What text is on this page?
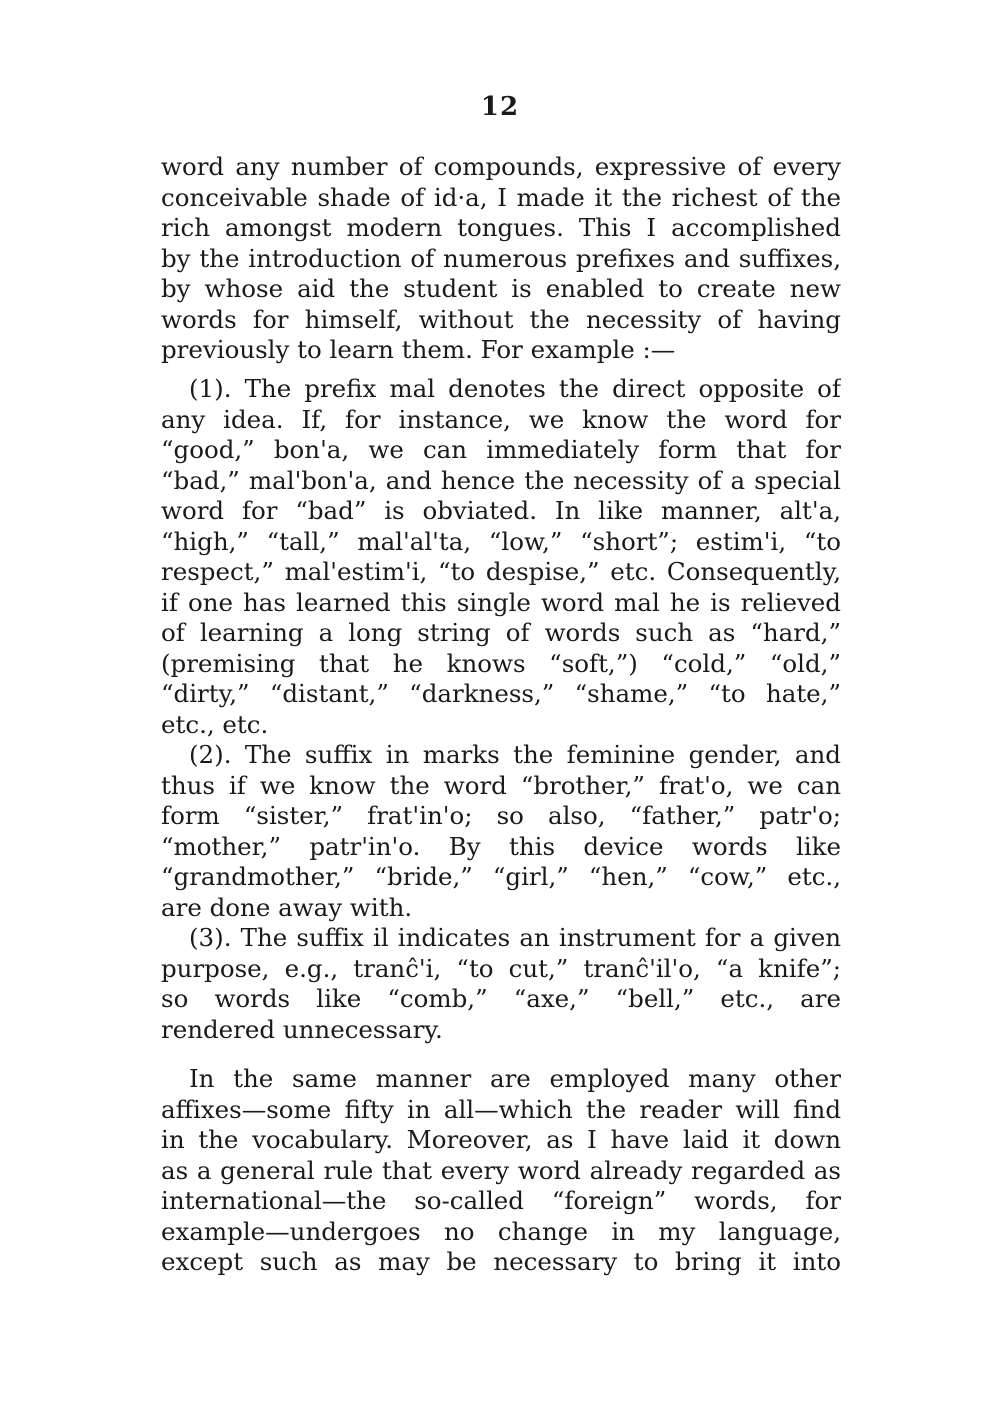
12
word any number of compounds, expressive of every
conceivable shade of id·a, I made it the richest of the
rich amongst modern tongues. This I accomplished
by the introduction of numerous prefixes and suffixes,
by whose aid the student is enabled to create new
words for himself, without the necessity of having
previously to learn them. For example :—
(1). The prefix mal denotes the direct opposite of
any idea. If, for instance, we know the word for
“good,” bon'a, we can immediately form that for
“bad,” mal'bon'a, and hence the necessity of a special
word for “bad” is obviated. In like manner, alt'a,
“high,” “tall,” mal'al'ta, “low,” “short”; estim'i, “to
respect,” mal'estim'i, “to despise,” etc. Consequently,
if one has learned this single word mal he is relieved
of learning a long string of words such as “hard,”
(premising that he knows “soft,”) “cold,” “old,”
“dirty,” “distant,” “darkness,” “shame,” “to hate,”
etc., etc.
(2). The suffix in marks the feminine gender, and
thus if we know the word “brother,” frat'o, we can
form “sister,” frat'in'o; so also, “father,” patr'o;
“mother,” patr'in'o. By this device words like
“grandmother,” “bride,” “girl,” “hen,” “cow,” etc.,
are done away with.
(3). The suffix il indicates an instrument for a given
purpose, e.g., tranĉ'i, “to cut,” tranĉ'il'o, “a knife”;
so words like “comb,” “axe,” “bell,” etc., are
rendered unnecessary.
In the same manner are employed many other
affixes—some fifty in all—which the reader will find
in the vocabulary. Moreover, as I have laid it down
as a general rule that every word already regarded as
international—the so-called “foreign” words, for
example—undergoes no change in my language,
except such as may be necessary to bring it into
